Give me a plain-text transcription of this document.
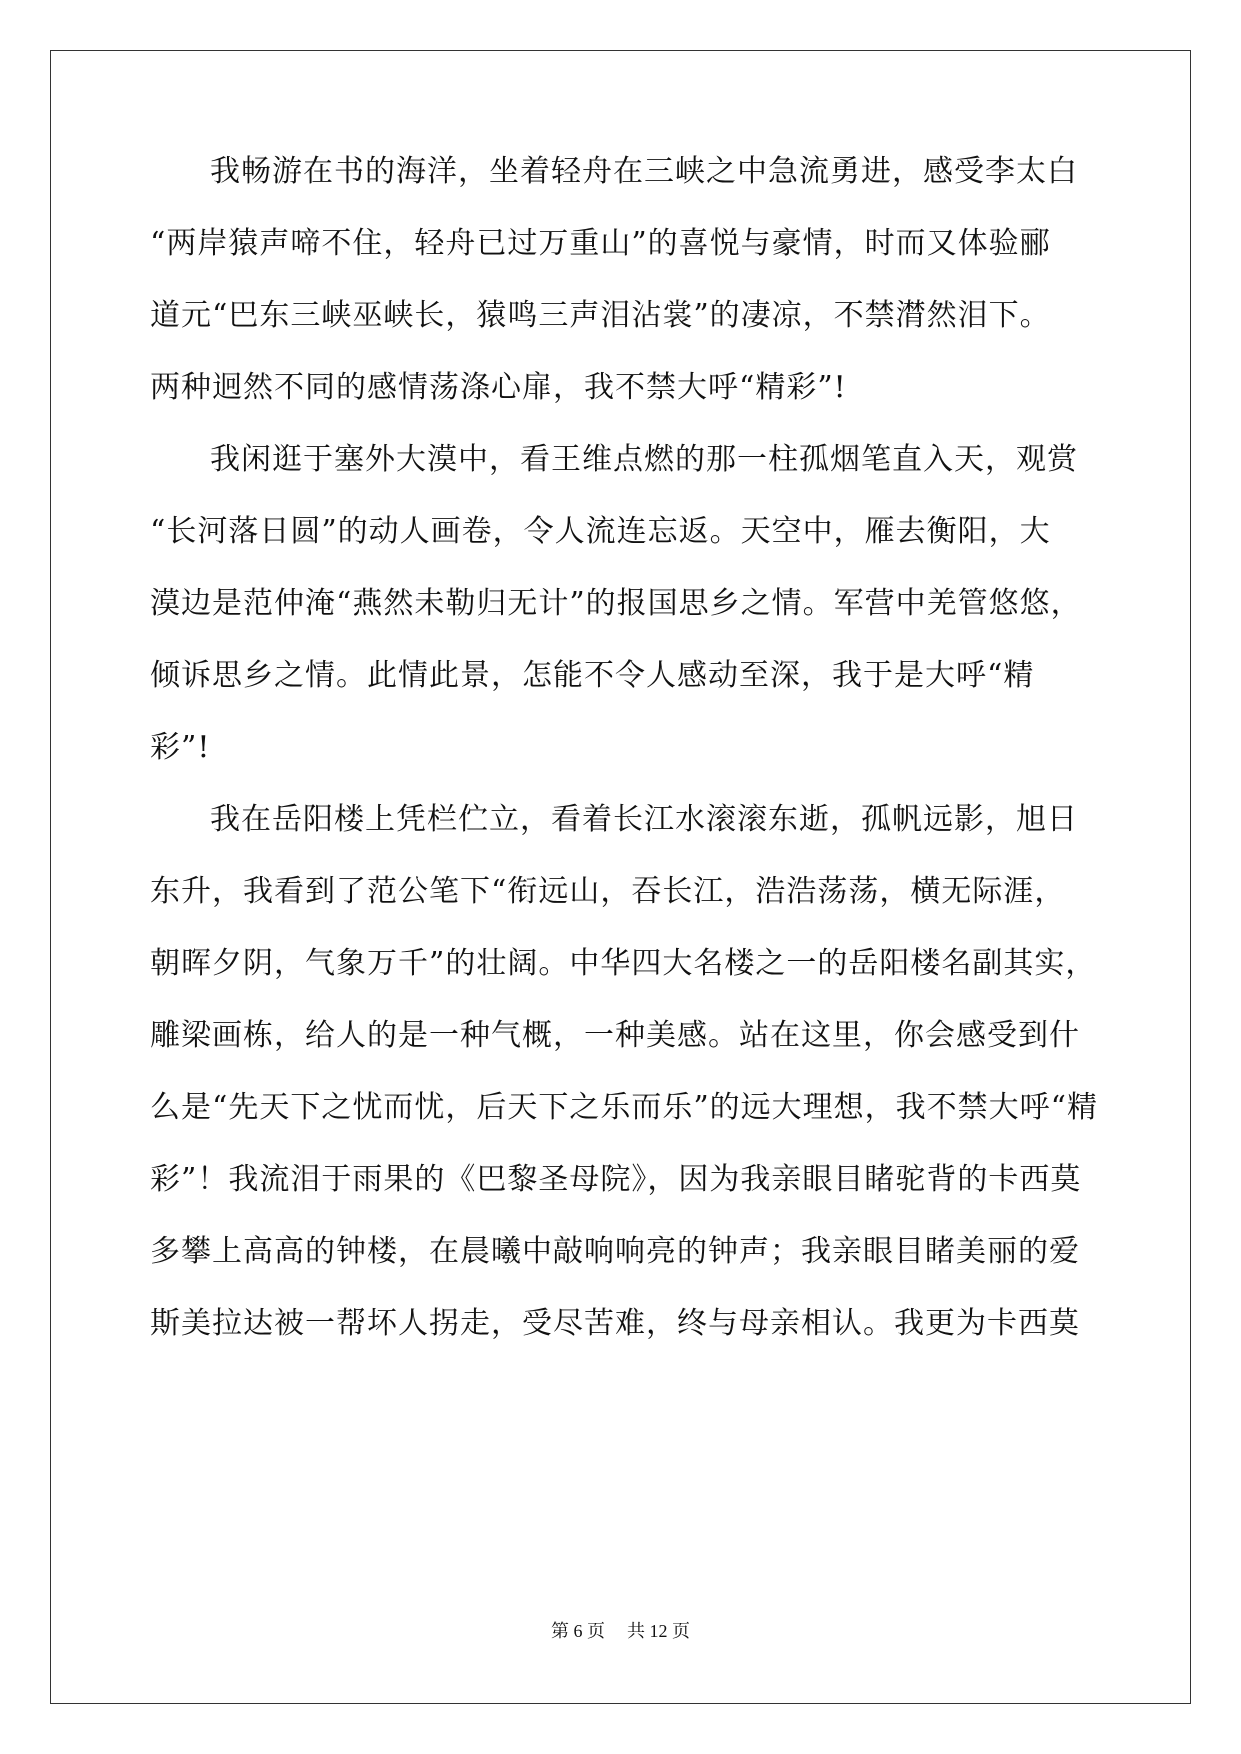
我畅游在书的海洋，坐着轻舟在三峡之中急流勇进，感受李太白
“两岸猿声啼不住，轻舟已过万重山”的喜悦与豪情，时而又体验郦
道元“巴东三峡巫峡长，猿鸣三声泪沾裳”的凄凉，不禁潸然泪下。
两种迥然不同的感情荡涤心扉，我不禁大呼“精彩”!
我闲逛于塞外大漠中，看王维点燃的那一柱孤烟笔直入天，观赏
“长河落日圆”的动人画卷，令人流连忘返。天空中，雁去衡阳，大
漠边是范仲淹“燕然未勒归无计”的报国思乡之情。军营中羌管悠悠，
倾诉思乡之情。此情此景，怎能不令人感动至深，我于是大呼“精
彩”!
我在岳阳楼上凭栏伫立，看着长江水滚滚东逝，孤帆远影，旭日
东升，我看到了范公笔下“衔远山，吞长江，浩浩荡荡，横无际涯，
朝晖夕阴，气象万千”的壮阔。中华四大名楼之一的岳阳楼名副其实，
雕梁画栋，给人的是一种气概，一种美感。站在这里，你会感受到什
么是“先天下之忧而忧，后天下之乐而乐”的远大理想，我不禁大呼“精
彩”！我流泪于雨果的《巴黎圣母院》，因为我亲眼目睹驼背的卡西莫
多攀上高高的钟楼，在晨曦中敲响响亮的钟声；我亲眼目睹美丽的爱
斯美拉达被一帮坏人拐走，受尽苦难，终与母亲相认。我更为卡西莫
第 6 页 共 12 页
